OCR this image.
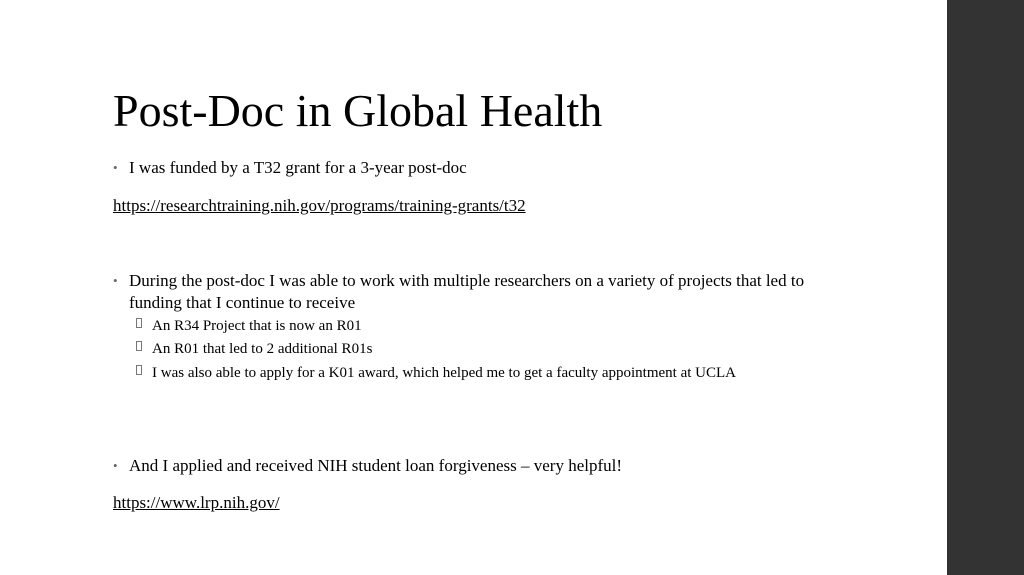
Post-Doc in Global Health
• I was funded by a T32 grant for a 3-year post-doc
https://researchtraining.nih.gov/programs/training-grants/t32
• During the post-doc I was able to work with multiple researchers on a variety of projects that led to funding that I continue to receive
An R34 Project that is now an R01
An R01 that led to 2 additional R01s
I was also able to apply for a K01 award, which helped me to get a faculty appointment at UCLA
• And I applied and received NIH student loan forgiveness – very helpful!
https://www.lrp.nih.gov/
